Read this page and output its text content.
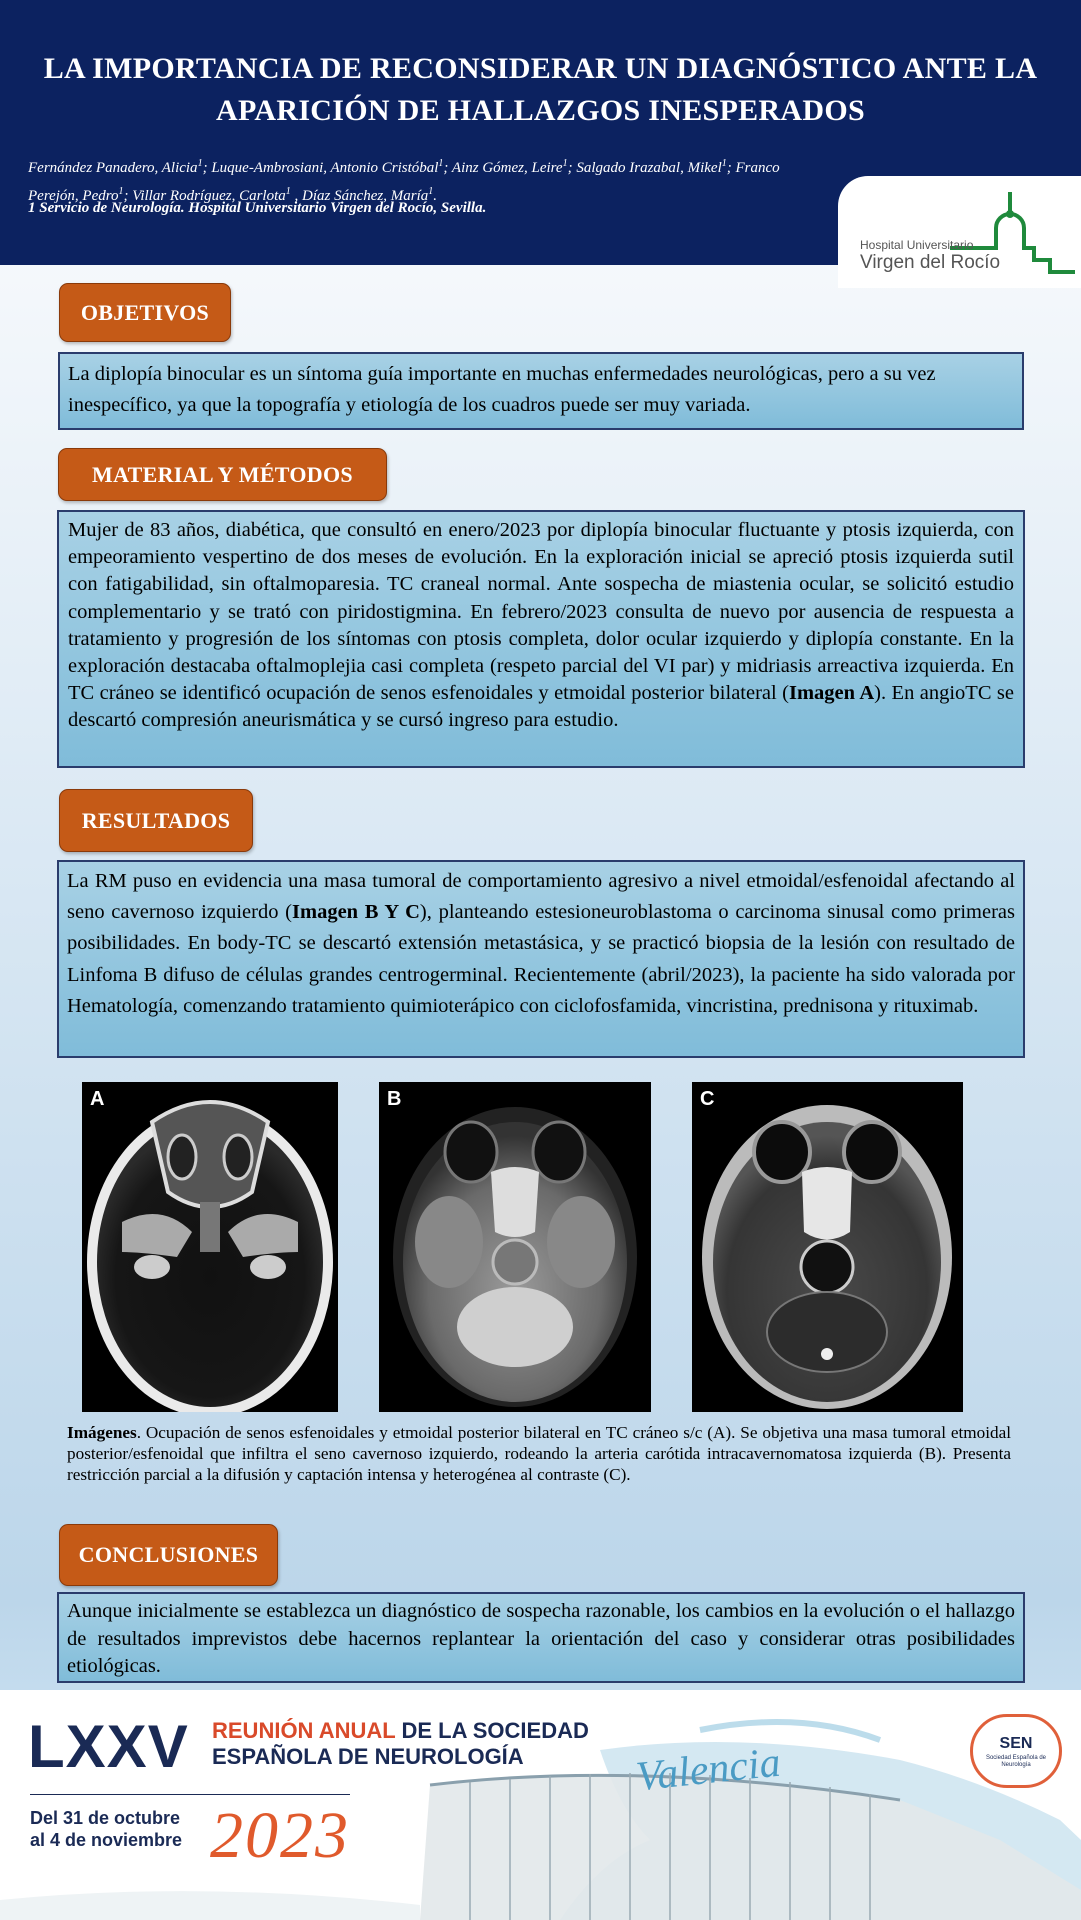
LA IMPORTANCIA DE RECONSIDERAR UN DIAGNÓSTICO ANTE LA
APARICIÓN DE HALLAZGOS INESPERADOS
Fernández Panadero, Alicia$^1$; Luque-Ambrosiani, Antonio Cristóbal$^1$; Ainz Gómez, Leire$^1$; Salgado Irazabal, Mikel$^1$; Franco Perejón, Pedro$^1$; Villar Rodríguez, Carlota$^1$ , Díaz Sánchez, María$^1$.
1 Servicio de Neurología. Hospital Universitario Virgen del Rocío, Sevilla.
Hospital Universitario
Virgen del Rocío
OBJETIVOS
La diplopía binocular es un síntoma guía importante en muchas enfermedades neurológicas, pero a su vez inespecífico, ya que la topografía y etiología de los cuadros puede ser muy variada.
MATERIAL Y MÉTODOS
Mujer de 83 años, diabética, que consultó en enero/2023 por diplopía binocular fluctuante y ptosis izquierda, con empeoramiento vespertino de dos meses de evolución. En la exploración inicial se apreció ptosis izquierda sutil con fatigabilidad, sin oftalmoparesia. TC craneal normal. Ante sospecha de miastenia ocular, se solicitó estudio complementario y se trató con piridostigmina. En febrero/2023 consulta de nuevo por ausencia de respuesta a tratamiento y progresión de los síntomas con ptosis completa, dolor ocular izquierdo y diplopía constante. En la exploración destacaba oftalmoplejia casi completa (respeto parcial del VI par) y midriasis arreactiva izquierda. En TC cráneo se identificó ocupación de senos esfenoidales y etmoidal posterior bilateral (Imagen A). En angioTC se descartó compresión aneurismática y se cursó ingreso para estudio.
RESULTADOS
La RM puso en evidencia una masa tumoral de comportamiento agresivo a nivel etmoidal/esfenoidal afectando al seno cavernoso izquierdo (Imagen B Y C), planteando estesioneuroblastoma o carcinoma sinusal como primeras posibilidades. En body-TC se descartó extensión metastásica, y se practicó biopsia de la lesión con resultado de Linfoma B difuso de células grandes centrogerminal. Recientemente (abril/2023), la paciente ha sido valorada por Hematología, comenzando tratamiento quimioterápico con ciclofosfamida, vincristina, prednisona y rituximab.
A	B	C
Imágenes. Ocupación de senos esfenoidales y etmoidal posterior bilateral en TC cráneo s/c (A). Se objetiva una masa tumoral etmoidal posterior/esfenoidal que infiltra el seno cavernoso izquierdo, rodeando la arteria carótida intracavernomatosa izquierda (B). Presenta restricción parcial a la difusión y captación intensa y heterogénea al contraste (C).
CONCLUSIONES
Aunque inicialmente se establezca un diagnóstico de sospecha razonable, los cambios en la evolución o el hallazgo de resultados imprevistos debe hacernos replantear la orientación del caso y considerar otras posibilidades etiológicas.
LXXV REUNIÓN ANUAL DE LA SOCIEDAD
ESPAÑOLA DE NEUROLOGÍA
Del 31 de octubre
al 4 de noviembre 2023
Valencia	SEN
Sociedad Española de Neurología
